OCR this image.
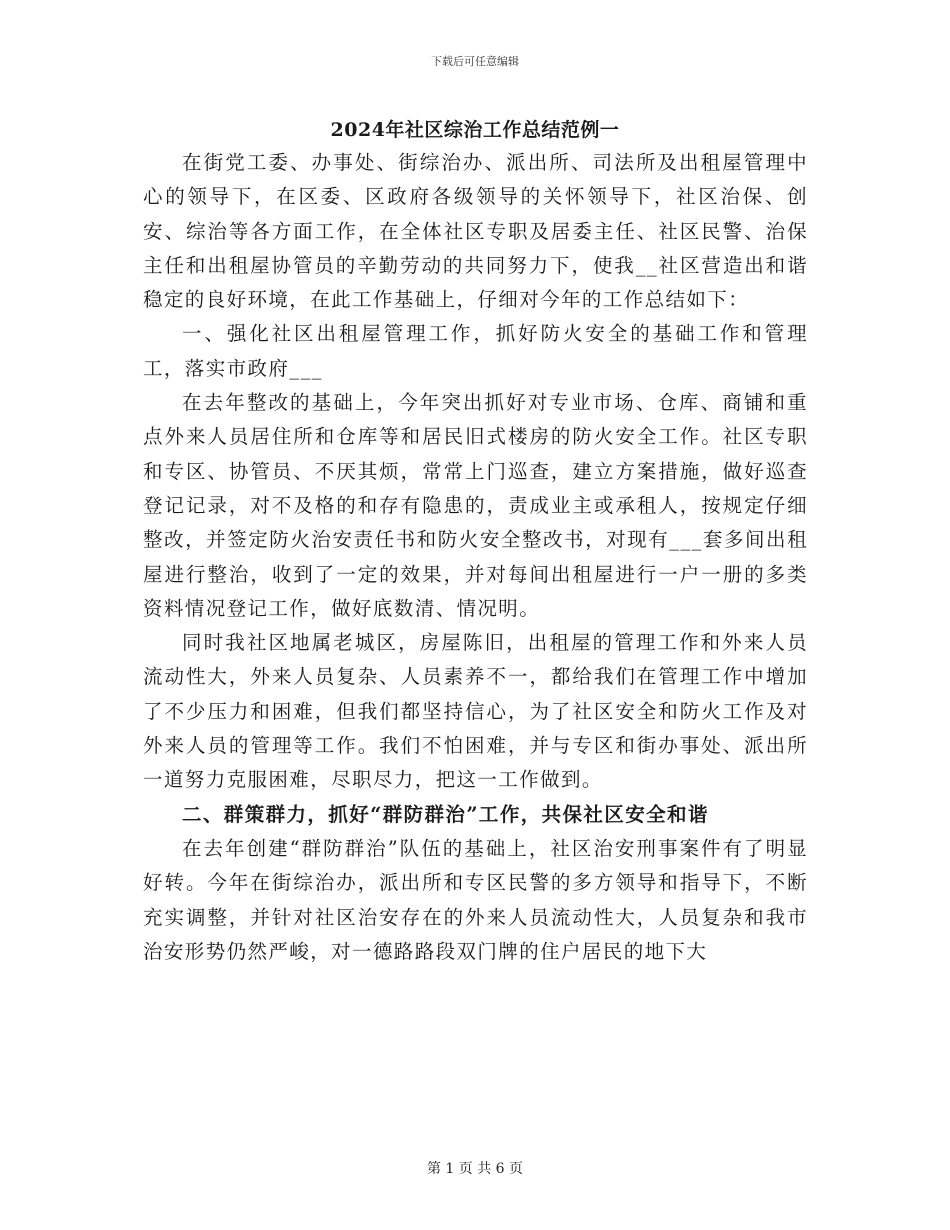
下载后可任意编辑
2024年社区综治工作总结范例一

在街党工委、办事处、街综治办、派出所、司法所及出租屋管理中心的领导下，在区委、区政府各级领导的关怀领导下，社区治保、创安、综治等各方面工作，在全体社区专职及居委主任、社区民警、治保主任和出租屋协管员的辛勤劳动的共同努力下，使我__社区营造出和谐稳定的良好环境，在此工作基础上，仔细对今年的工作总结如下：

一、强化社区出租屋管理工作，抓好防火安全的基础工作和管理工，落实市政府___

在去年整改的基础上，今年突出抓好对专业市场、仓库、商铺和重点外来人员居住所和仓库等和居民旧式楼房的防火安全工作。社区专职和专区、协管员、不厌其烦，常常上门巡查，建立方案措施，做好巡查登记记录，对不及格的和存有隐患的，责成业主或承租人，按规定仔细整改，并签定防火治安责任书和防火安全整改书，对现有___套多间出租屋进行整治，收到了一定的效果，并对每间出租屋进行一户一册的多类资料情况登记工作，做好底数清、情况明。

同时我社区地属老城区，房屋陈旧，出租屋的管理工作和外来人员流动性大，外来人员复杂、人员素养不一，都给我们在管理工作中增加了不少压力和困难，但我们都坚持信心，为了社区安全和防火工作及对外来人员的管理等工作。我们不怕困难，并与专区和街办事处、派出所一道努力克服困难，尽职尽力，把这一工作做到。

二、群策群力，抓好“群防群治”工作，共保社区安全和谐

在去年创建“群防群治”队伍的基础上，社区治安刑事案件有了明显好转。今年在街综治办，派出所和专区民警的多方领导和指导下，不断充实调整，并针对社区治安存在的外来人员流动性大，人员复杂和我市治安形势仍然严峻，对一德路路段双门牌的住户居民的地下大

第 1 页 共 6 页
